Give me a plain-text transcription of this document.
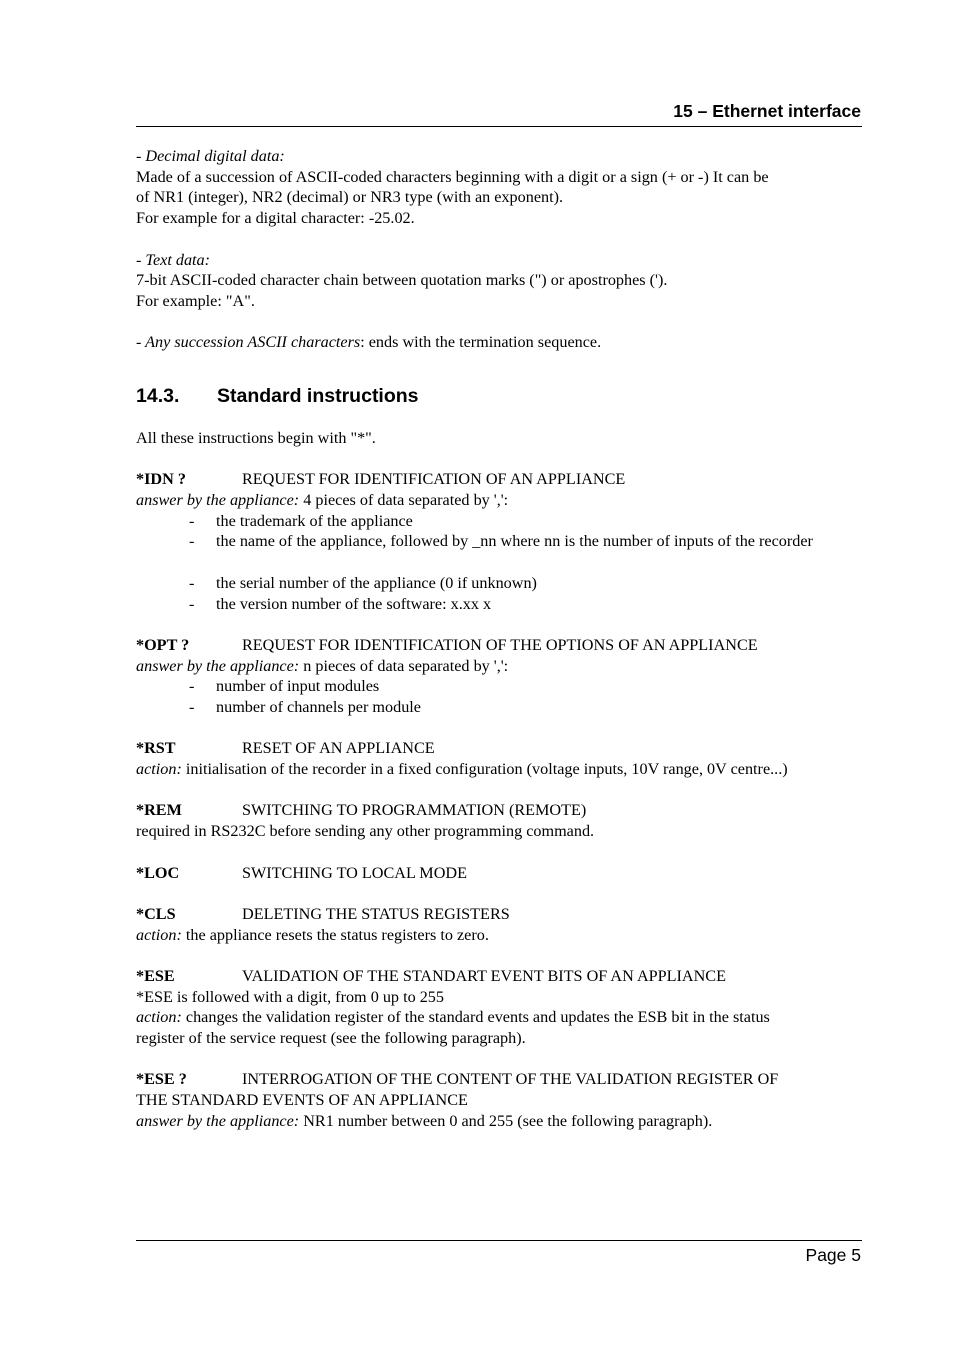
15 – Ethernet interface

- Decimal digital data:

Made of a succession of ASCII-coded characters beginning with a digit or a sign (+ or -) It can be

of NR1 (integer), NR2 (decimal) or NR3 type (with an exponent).

For example for a digital character: -25.02.

- Text data:

7-bit ASCII-coded character chain between quotation marks (") or apostrophes (').

For example: "A".

- Any succession ASCII characters: ends with the termination sequence.

14.3. Standard instructions

All these instructions begin with "*".

*IDN ?	REQUEST FOR IDENTIFICATION OF AN APPLIANCE

answer by the appliance: 4 pieces of data separated by ',':

- the trademark of the appliance
- the name of the appliance, followed by _nn where nn is the number of inputs of the recorder
- the serial number of the appliance (0 if unknown)
- the version number of the software: x.xx x
*OPT ?	REQUEST FOR IDENTIFICATION OF THE OPTIONS OF AN APPLIANCE

answer by the appliance: n pieces of data separated by ',':

- number of input modules
- number of channels per module
*RST	RESET OF AN APPLIANCE

action: initialisation of the recorder in a fixed configuration (voltage inputs, 10V range, 0V centre...)

*REM	SWITCHING TO PROGRAMMATION (REMOTE)

required in RS232C before sending any other programming command.

*LOC	SWITCHING TO LOCAL MODE
*CLS	DELETING THE STATUS REGISTERS

action: the appliance resets the status registers to zero.

*ESE	VALIDATION OF THE STANDART EVENT BITS OF AN APPLIANCE

*ESE is followed with a digit, from 0 up to 255

action: changes the validation register of the standard events and updates the ESB bit in the status

register of the service request (see the following paragraph).

*ESE ?	INTERROGATION OF THE CONTENT OF THE VALIDATION REGISTER OF

THE STANDARD EVENTS OF AN APPLIANCE

answer by the appliance: NR1 number between 0 and 255 (see the following paragraph).

Page 5
